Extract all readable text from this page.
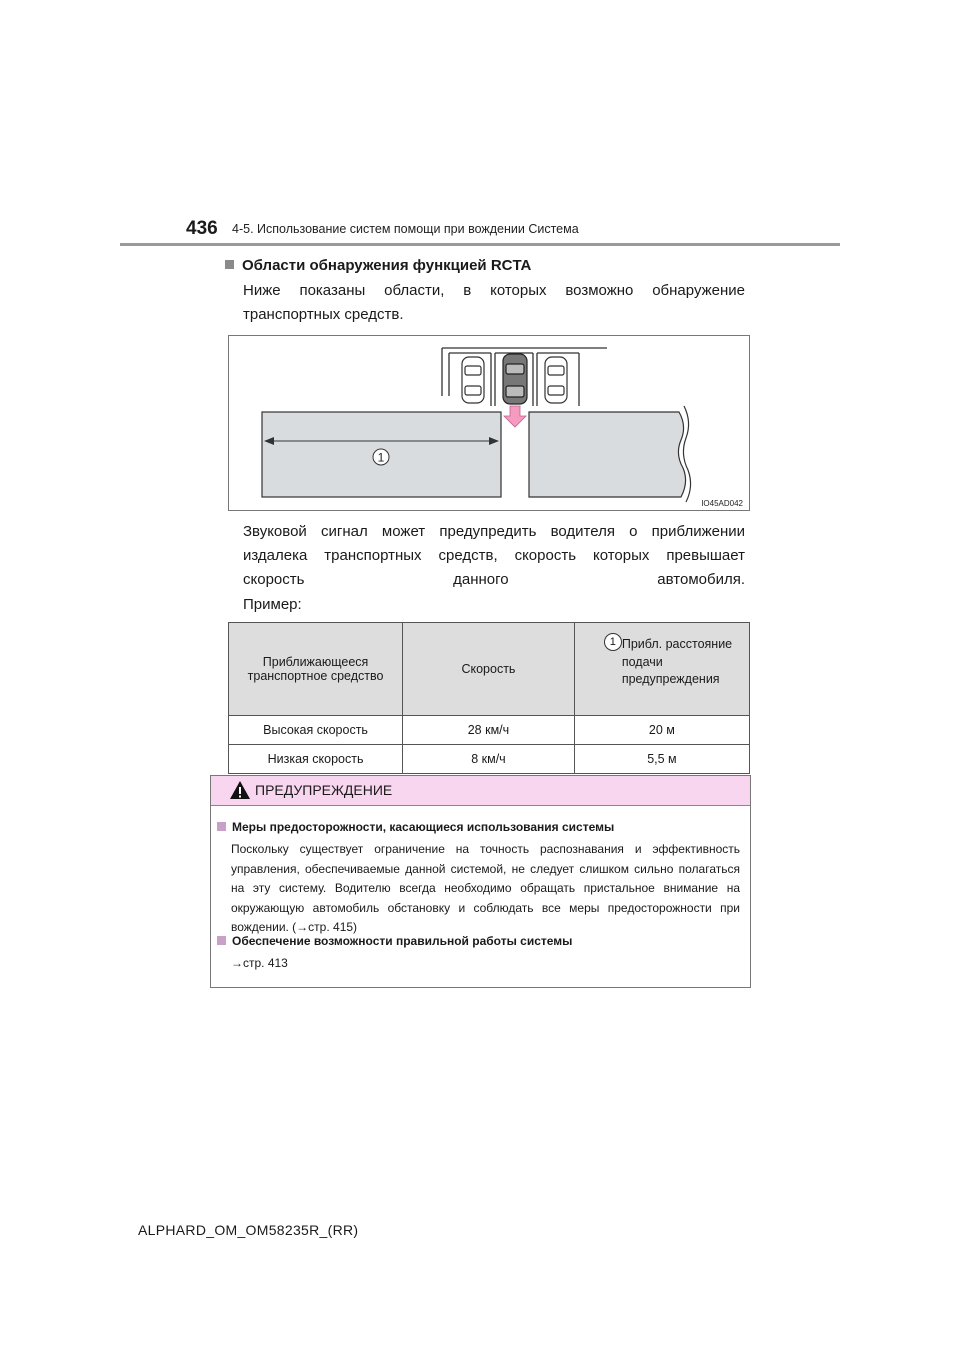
436 4-5. Использование систем помощи при вождении Система
Области обнаружения функцией RCTA
Ниже показаны области, в которых возможно обнаружение транспортных средств.
1
IO45AD042
Звуковой сигнал может предупредить водителя о приближении издалека транспортных средств, скорость которых превышает скорость данного автомобиля.
Пример:
Приближающееся транспортное средство	Скорость	1 Прибл. расстояние подачи предупреждения

Высокая скорость	28 км/ч	20 м
Низкая скорость	8 км/ч	5,5 м
ПРЕДУПРЕЖДЕНИЕ
Меры предосторожности, касающиеся использования системы
Поскольку существует ограничение на точность распознавания и эффективность управления, обеспечиваемые данной системой, не следует слишком сильно полагаться на эту систему. Водителю всегда необходимо обращать пристальное внимание на окружающую автомобиль обстановку и соблюдать все меры предосторожности при вождении. (→стр. 415)
Обеспечение возможности правильной работы системы
→стр. 413
ALPHARD_OM_OM58235R_(RR)
